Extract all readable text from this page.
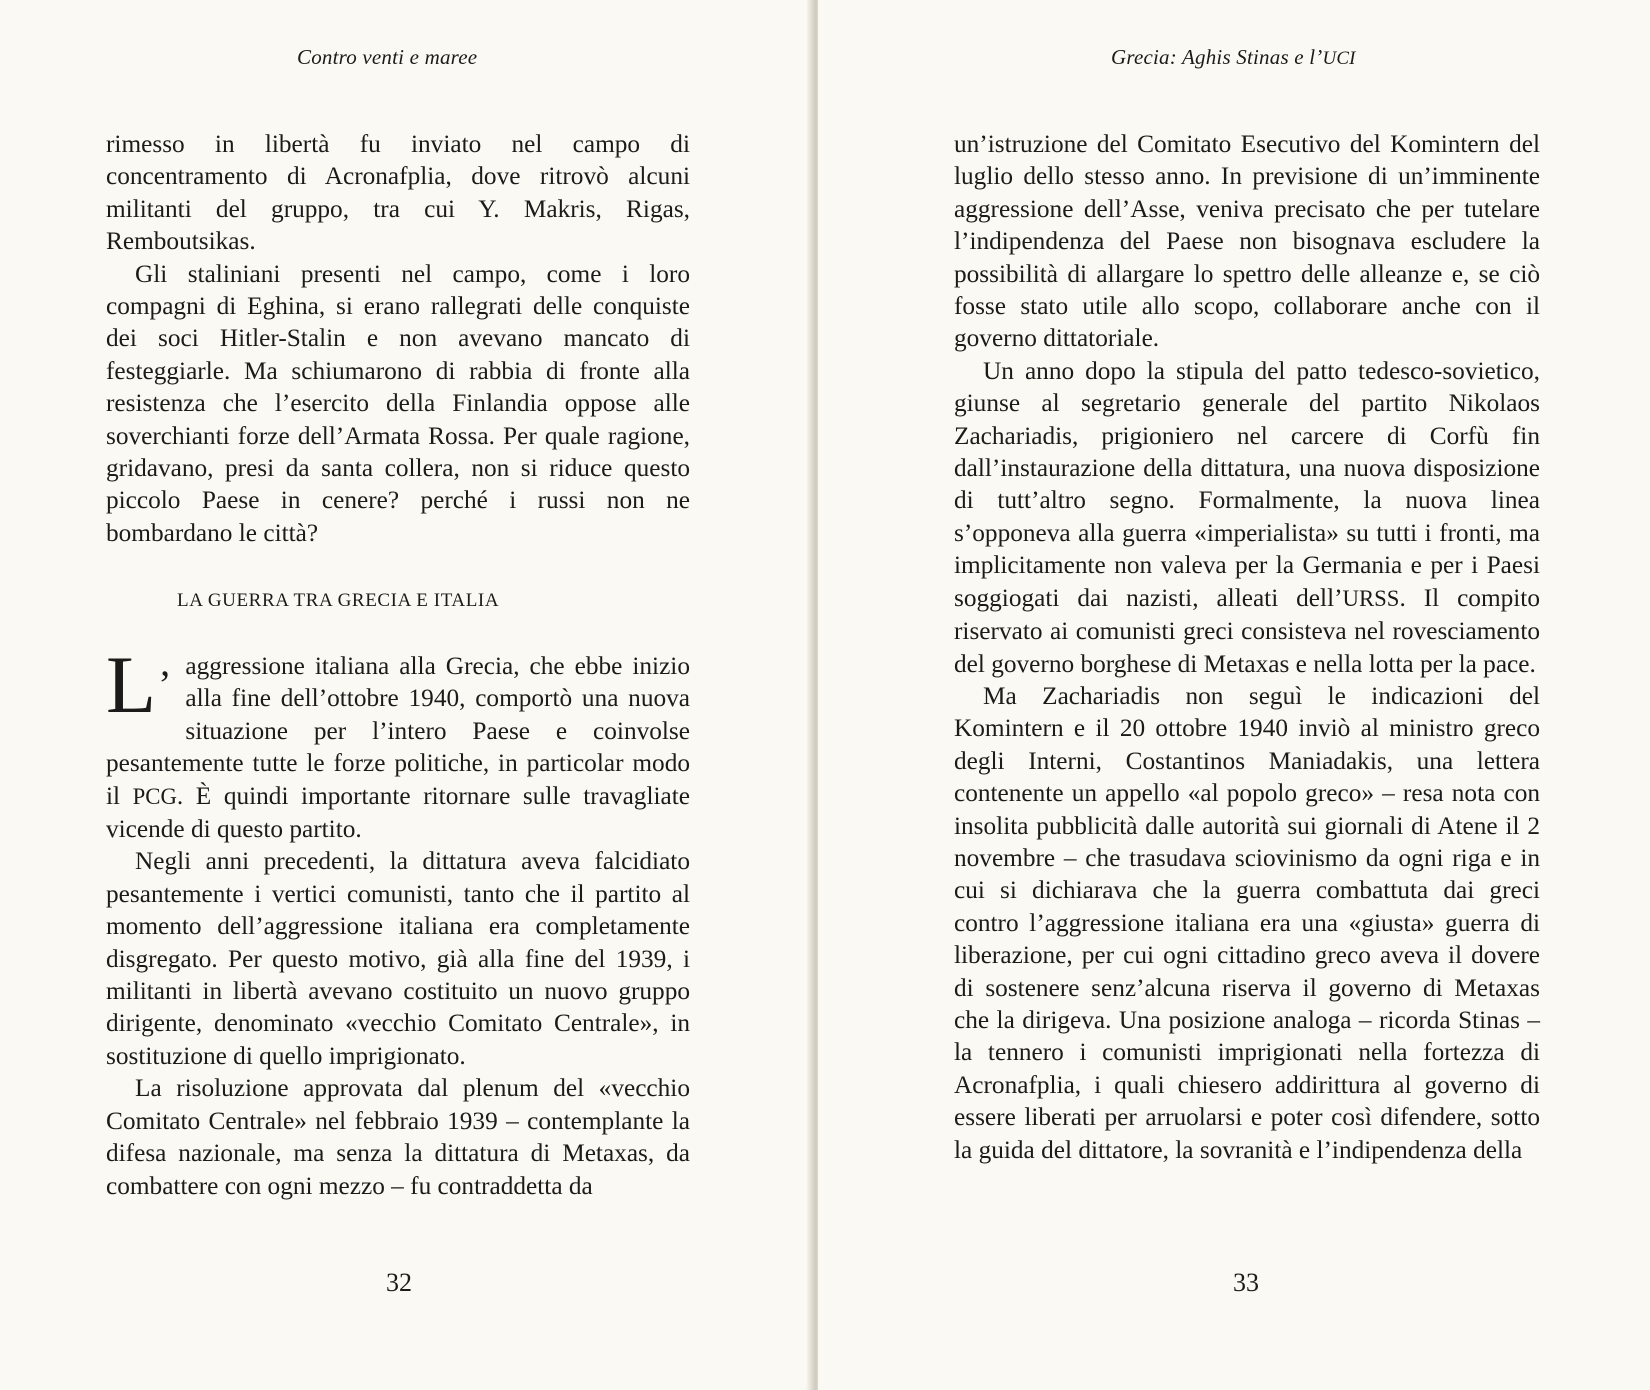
Contro venti e maree

rimesso in libertà fu inviato nel campo di concentramento di Acronafplia, dove ritrovò alcuni militanti del gruppo, tra cui Y. Makris, Rigas, Remboutsikas.

Gli staliniani presenti nel campo, come i loro compagni di Eghina, si erano rallegrati delle conquiste dei soci Hitler-Stalin e non avevano mancato di festeggiarle. Ma schiumarono di rabbia di fronte alla resistenza che l’esercito della Finlandia oppose alle soverchianti forze dell’Armata Rossa. Per quale ragione, gridavano, presi da santa collera, non si riduce questo piccolo Paese in cenere? perché i russi non ne bombardano le città?

LA GUERRA TRA GRECIA E ITALIA

L’ aggressione italiana alla Grecia, che ebbe inizio alla fine dell’ottobre 1940, comportò una nuova situazione per l’intero Paese e coinvolse pesantemente tutte le forze politiche, in particolar modo il PCG. È quindi importante ritornare sulle travagliate vicende di questo partito.

Negli anni precedenti, la dittatura aveva falcidiato pesantemente i vertici comunisti, tanto che il partito al momento dell’aggressione italiana era completamente disgregato. Per questo motivo, già alla fine del 1939, i militanti in libertà avevano costituito un nuovo gruppo dirigente, denominato «vecchio Comitato Centrale», in sostituzione di quello imprigionato.

La risoluzione approvata dal plenum del «vecchio Comitato Centrale» nel febbraio 1939 – contemplante la difesa nazionale, ma senza la dittatura di Metaxas, da combattere con ogni mezzo – fu contraddetta da

32
Grecia: Aghis Stinas e l’UCI

un’istruzione del Comitato Esecutivo del Komintern del luglio dello stesso anno. In previsione di un’imminente aggressione dell’Asse, veniva precisato che per tutelare l’indipendenza del Paese non bisognava escludere la possibilità di allargare lo spettro delle alleanze e, se ciò fosse stato utile allo scopo, collaborare anche con il governo dittatoriale.

Un anno dopo la stipula del patto tedesco-sovietico, giunse al segretario generale del partito Nikolaos Zachariadis, prigioniero nel carcere di Corfù fin dall’instaurazione della dittatura, una nuova disposizione di tutt’altro segno. Formalmente, la nuova linea s’opponeva alla guerra «imperialista» su tutti i fronti, ma implicitamente non valeva per la Germania e per i Paesi soggiogati dai nazisti, alleati dell’URSS. Il compito riservato ai comunisti greci consisteva nel rovesciamento del governo borghese di Metaxas e nella lotta per la pace.

Ma Zachariadis non seguì le indicazioni del Komintern e il 20 ottobre 1940 inviò al ministro greco degli Interni, Costantinos Maniadakis, una lettera contenente un appello «al popolo greco» – resa nota con insolita pubblicità dalle autorità sui giornali di Atene il 2 novembre – che trasudava sciovinismo da ogni riga e in cui si dichiarava che la guerra combattuta dai greci contro l’aggressione italiana era una «giusta» guerra di liberazione, per cui ogni cittadino greco aveva il dovere di sostenere senz’alcuna riserva il governo di Metaxas che la dirigeva. Una posizione analoga – ricorda Stinas – la tennero i comunisti imprigionati nella fortezza di Acronafplia, i quali chiesero addirittura al governo di essere liberati per arruolarsi e poter così difendere, sotto la guida del dittatore, la sovranità e l’indipendenza della

33
